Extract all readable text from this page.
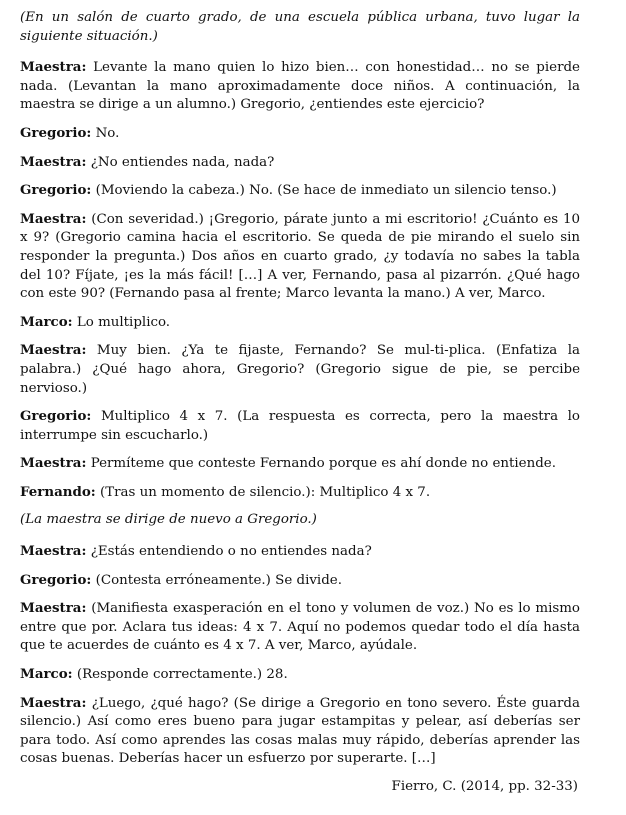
(En un salón de cuarto grado, de una escuela pública urbana, tuvo lugar la siguiente situación.)

Maestra: Levante la mano quien lo hizo bien… con honestidad… no se pierde nada. (Levantan la mano aproximadamente doce niños. A continuación, la maestra se dirige a un alumno.) Gregorio, ¿entiendes este ejercicio?

Gregorio: No.

Maestra: ¿No entiendes nada, nada?

Gregorio: (Moviendo la cabeza.) No. (Se hace de inmediato un silencio tenso.)

Maestra: (Con severidad.) ¡Gregorio, párate junto a mi escritorio! ¿Cuánto es 10 x 9? (Gregorio camina hacia el escritorio. Se queda de pie mirando el suelo sin responder la pregunta.) Dos años en cuarto grado, ¿y todavía no sabes la tabla del 10? Fíjate, ¡es la más fácil! […] A ver, Fernando, pasa al pizarrón. ¿Qué hago con este 90? (Fernando pasa al frente; Marco levanta la mano.) A ver, Marco.

Marco: Lo multiplico.

Maestra: Muy bien. ¿Ya te fijaste, Fernando? Se mul-ti-plica. (Enfatiza la palabra.) ¿Qué hago ahora, Gregorio? (Gregorio sigue de pie, se percibe nervioso.)

Gregorio: Multiplico 4 x 7. (La respuesta es correcta, pero la maestra lo interrumpe sin escucharlo.)

Maestra: Permíteme que conteste Fernando porque es ahí donde no entiende.

Fernando: (Tras un momento de silencio.): Multiplico 4 x 7.

(La maestra se dirige de nuevo a Gregorio.)

Maestra: ¿Estás entendiendo o no entiendes nada?

Gregorio: (Contesta erróneamente.) Se divide.

Maestra: (Manifiesta exasperación en el tono y volumen de voz.) No es lo mismo entre que por. Aclara tus ideas: 4 x 7. Aquí no podemos quedar todo el día hasta que te acuerdes de cuánto es 4 x 7. A ver, Marco, ayúdale.

Marco: (Responde correctamente.) 28.

Maestra: ¿Luego, ¿qué hago? (Se dirige a Gregorio en tono severo. Éste guarda silencio.) Así como eres bueno para jugar estampitas y pelear, así deberías ser para todo. Así como aprendes las cosas malas muy rápido, deberías aprender las cosas buenas. Deberías hacer un esfuerzo por superarte. […]

Fierro, C. (2014, pp. 32-33)
